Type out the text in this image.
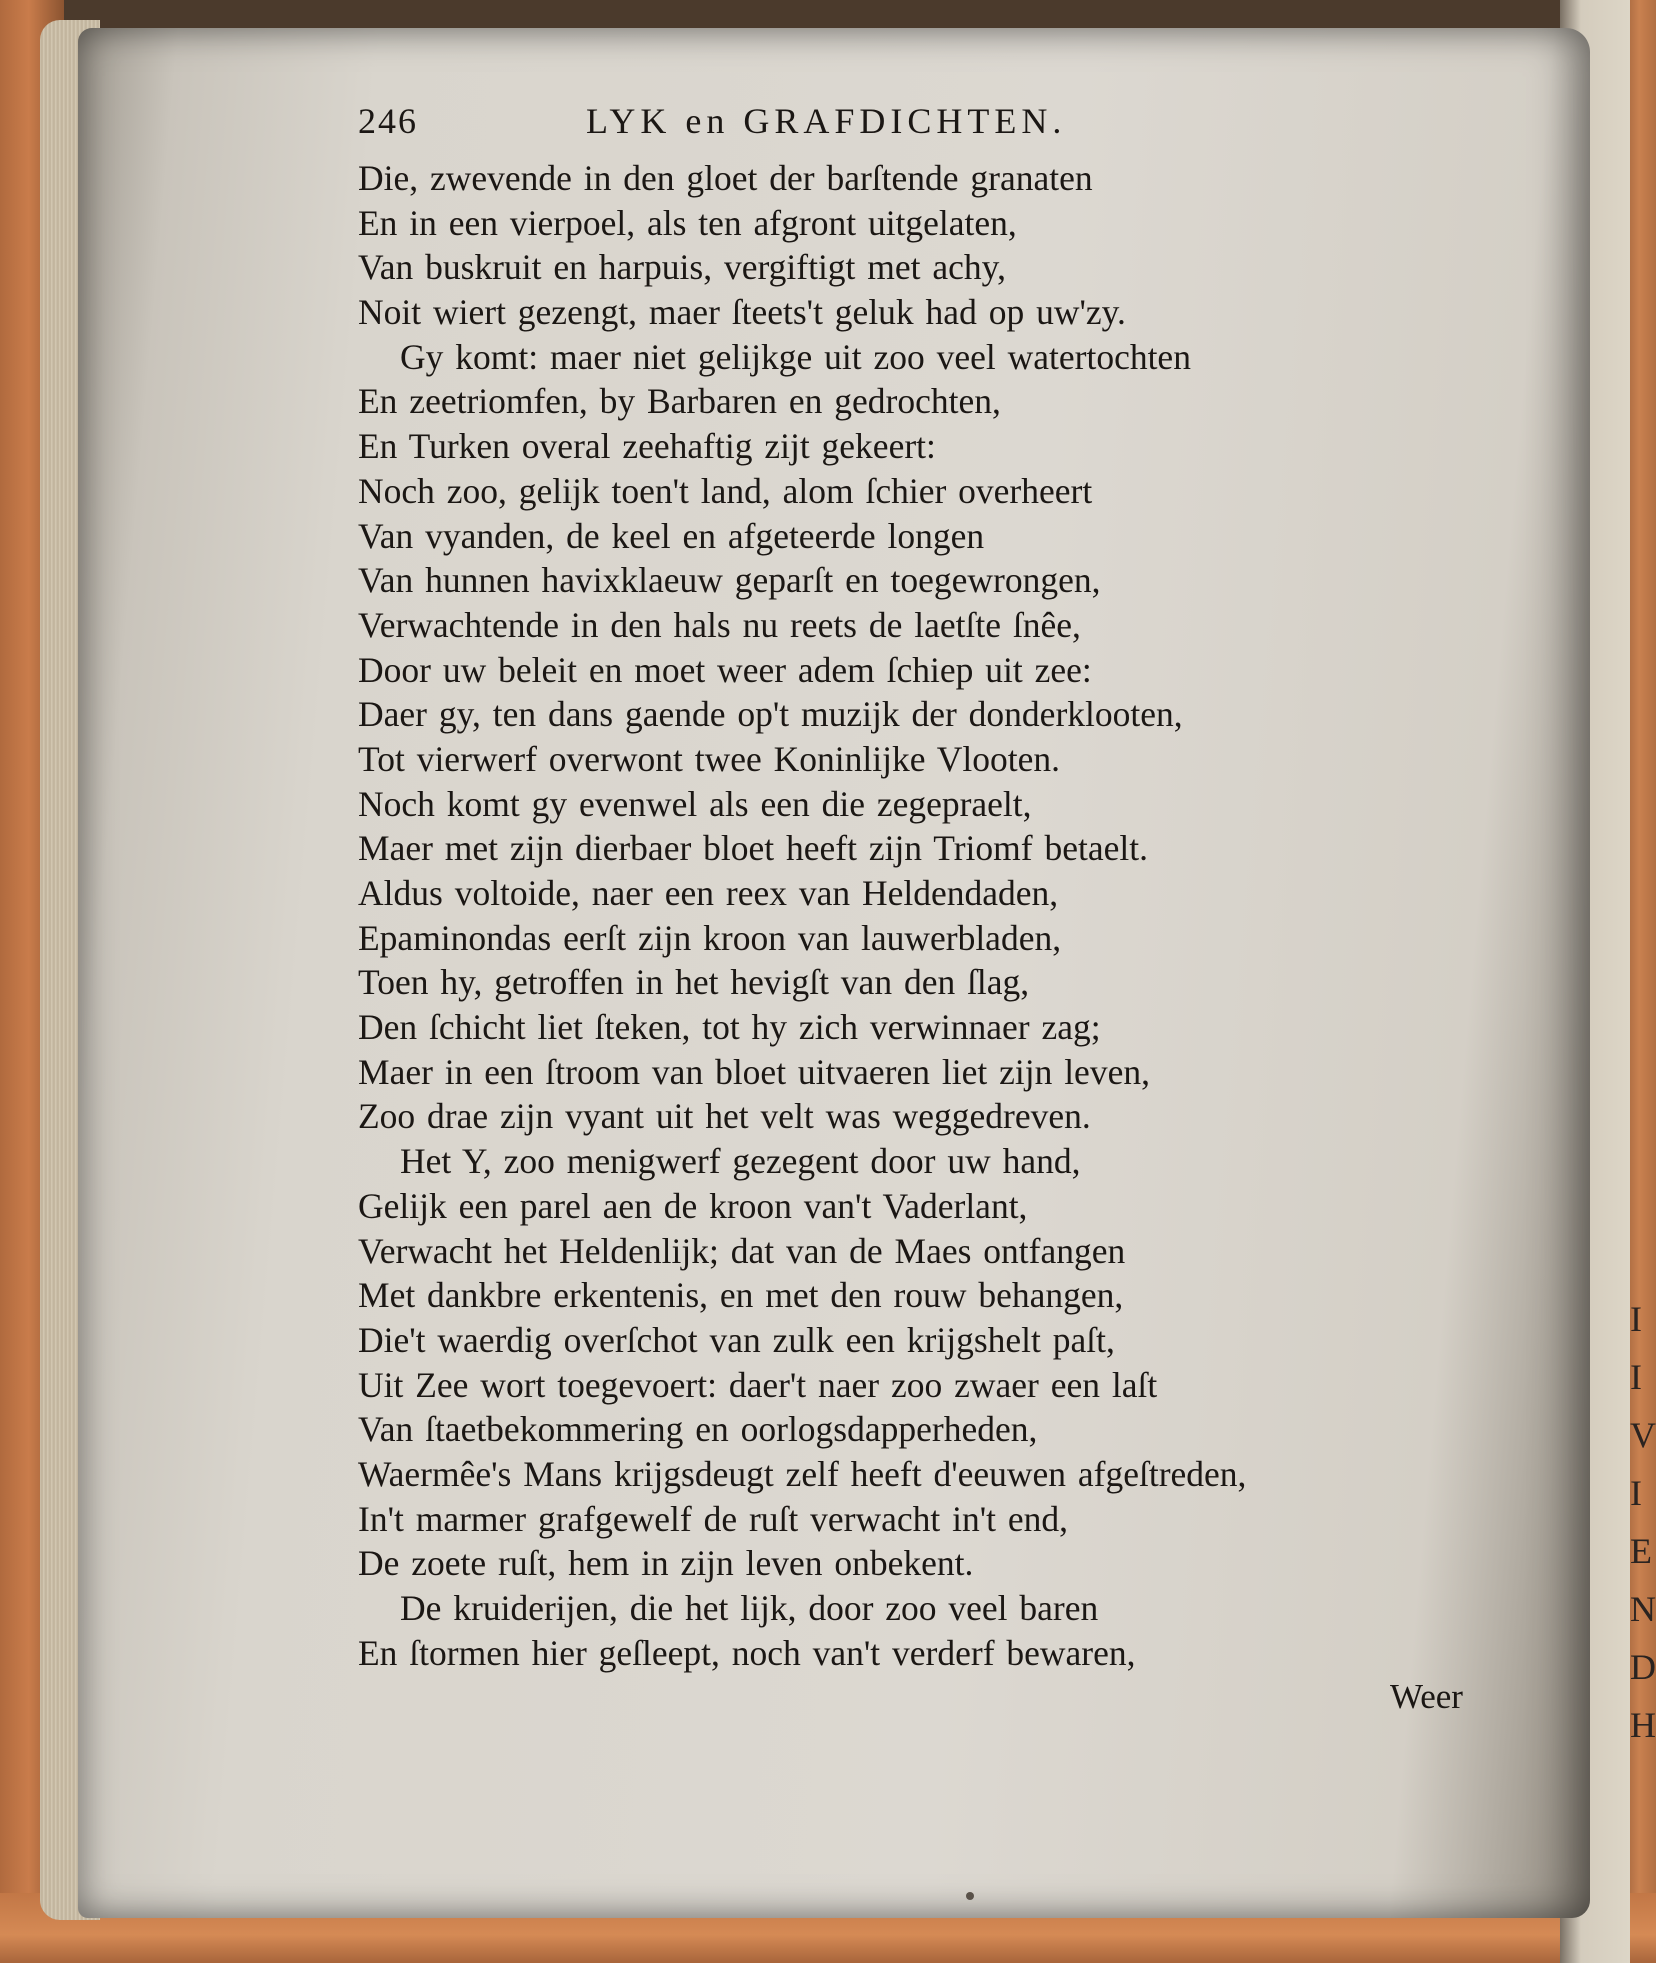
I I V I E N D H
246	LYK en GRAFDICHTEN.
Die, zwevende in den gloet der barſtende granaten
En in een vierpoel, als ten afgront uitgelaten,
Van buskruit en harpuis, vergiftigt met achy,
Noit wiert gezengt, maer ſteets't geluk had op uw'zy.
Gy komt: maer niet gelijkge uit zoo veel watertochten
En zeetriomfen, by Barbaren en gedrochten,
En Turken overal zeehaftig zijt gekeert:
Noch zoo, gelijk toen't land, alom ſchier overheert
Van vyanden, de keel en afgeteerde longen
Van hunnen havixklaeuw geparſt en toegewrongen,
Verwachtende in den hals nu reets de laetſte ſnêe,
Door uw beleit en moet weer adem ſchiep uit zee:
Daer gy, ten dans gaende op't muzijk der donderklooten,
Tot vierwerf overwont twee Koninlijke Vlooten.
Noch komt gy evenwel als een die zegepraelt,
Maer met zijn dierbaer bloet heeft zijn Triomf betaelt.
Aldus voltoide, naer een reex van Heldendaden,
Epaminondas eerſt zijn kroon van lauwerbladen,
Toen hy, getroffen in het hevigſt van den ſlag,
Den ſchicht liet ſteken, tot hy zich verwinnaer zag;
Maer in een ſtroom van bloet uitvaeren liet zijn leven,
Zoo drae zijn vyant uit het velt was weggedreven.
Het Y, zoo menigwerf gezegent door uw hand,
Gelijk een parel aen de kroon van't Vaderlant,
Verwacht het Heldenlijk; dat van de Maes ontfangen
Met dankbre erkentenis, en met den rouw behangen,
Die't waerdig overſchot van zulk een krijgshelt paſt,
Uit Zee wort toegevoert: daer't naer zoo zwaer een laſt
Van ſtaetbekommering en oorlogsdapperheden,
Waermêe's Mans krijgsdeugt zelf heeft d'eeuwen afgeſtreden,
In't marmer grafgewelf de ruſt verwacht in't end,
De zoete ruſt, hem in zijn leven onbekent.
De kruiderijen, die het lijk, door zoo veel baren
En ſtormen hier geſleept, noch van't verderf bewaren,
Weer
